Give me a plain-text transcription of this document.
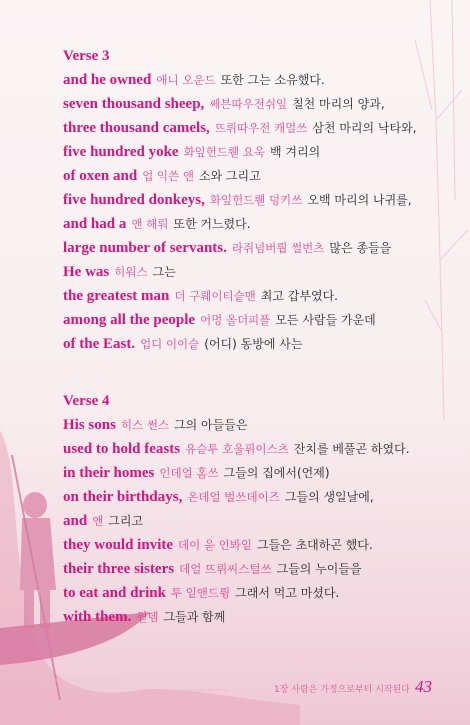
Verse 3
and he owned 애니 오운드 또한 그는 소유했다.
seven thousand sheep, 쎄븐따우전쉬잎 칠천 마리의 양과,
three thousand camels, 뜨뤼따우전 캐멀쓰 삼천 마리의 낙타와,
five hundred yoke 화잎헌드뤧 요욱 백 겨리의
of oxen and 업 익쓴 앤 소와 그리고
five hundred donkeys, 화잎헌드뤧 덩키쓰 오백 마리의 나귀를,
and had a 앤 해뤄 또한 거느렸다.
large number of servants. 라쥐넘버뤕 썰번츠 많은 종들을
He was 히워스 그는
the greatest man 더 구뤠이티슽맨 최고 갑부였다.
among all the people 어멍 올더피플 모든 사람들 가운데
of the East. 업디 이이슽 (어디) 동방에 사는
Verse 4
His sons 히스 썬스 그의 아들들은
used to hold feasts 유슫투 호울퓌이스츠 잔치를 베풀곤 하였다.
in their homes 인데얼 홈쓰 그들의 집에서(언제)
on their birthdays, 온데얼 벌쓰데이즈 그들의 생일날에,
and 앤 그리고
they would invite 데이 욷 인봐잍 그들은 초대하곤 했다.
their three sisters 데얼 뜨뤼씨스털쓰 그들의 누이들을
to eat and drink 투 잍앤드륑 그래서 먹고 마셨다.
with them. 윋뎀 그들과 함께
1장 사람은 가정으로부터 시작된다 43
